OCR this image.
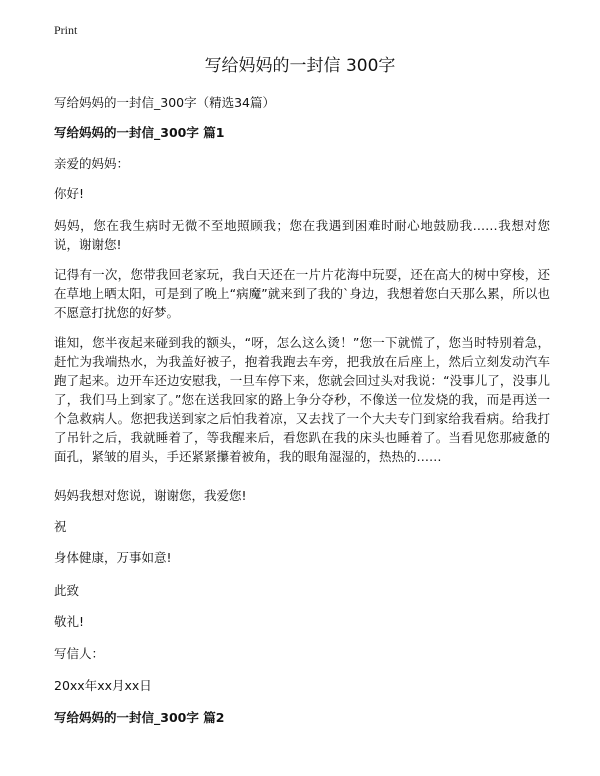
Print
写给妈妈的一封信 300字
写给妈妈的一封信_300字（精选34篇）
写给妈妈的一封信_300字 篇1
亲爱的妈妈：
你好!

妈妈，您在我生病时无微不至地照顾我；您在我遇到困难时耐心地鼓励我……我想对您说，谢谢您!

记得有一次，您带我回老家玩，我白天还在一片片花海中玩耍，还在高大的树中穿梭，还在草地上晒太阳，可是到了晚上“病魔”就来到了我的`身边，我想着您白天那么累，所以也不愿意打扰您的好梦。

谁知，您半夜起来碰到我的额头，“呀，怎么这么烫！”您一下就慌了，您当时特别着急，赶忙为我端热水，为我盖好被子，抱着我跑去车旁，把我放在后座上，然后立刻发动汽车跑了起来。边开车还边安慰我，一旦车停下来，您就会回过头对我说：“没事儿了，没事儿了，我们马上到家了。”您在送我回家的路上争分夺秒，不像送一位发烧的我，而是再送一个急救病人。您把我送到家之后怕我着凉，又去找了一个大夫专门到家给我看病。给我打了吊针之后，我就睡着了，等我醒来后，看您趴在我的床头也睡着了。当看见您那疲惫的面孔，紧皱的眉头，手还紧紧攥着被角，我的眼角湿湿的，热热的……

妈妈我想对您说，谢谢您，我爱您!
祝
身体健康，万事如意!
此致
敬礼!
写信人：
20xx年xx月xx日
写给妈妈的一封信_300字 篇2
